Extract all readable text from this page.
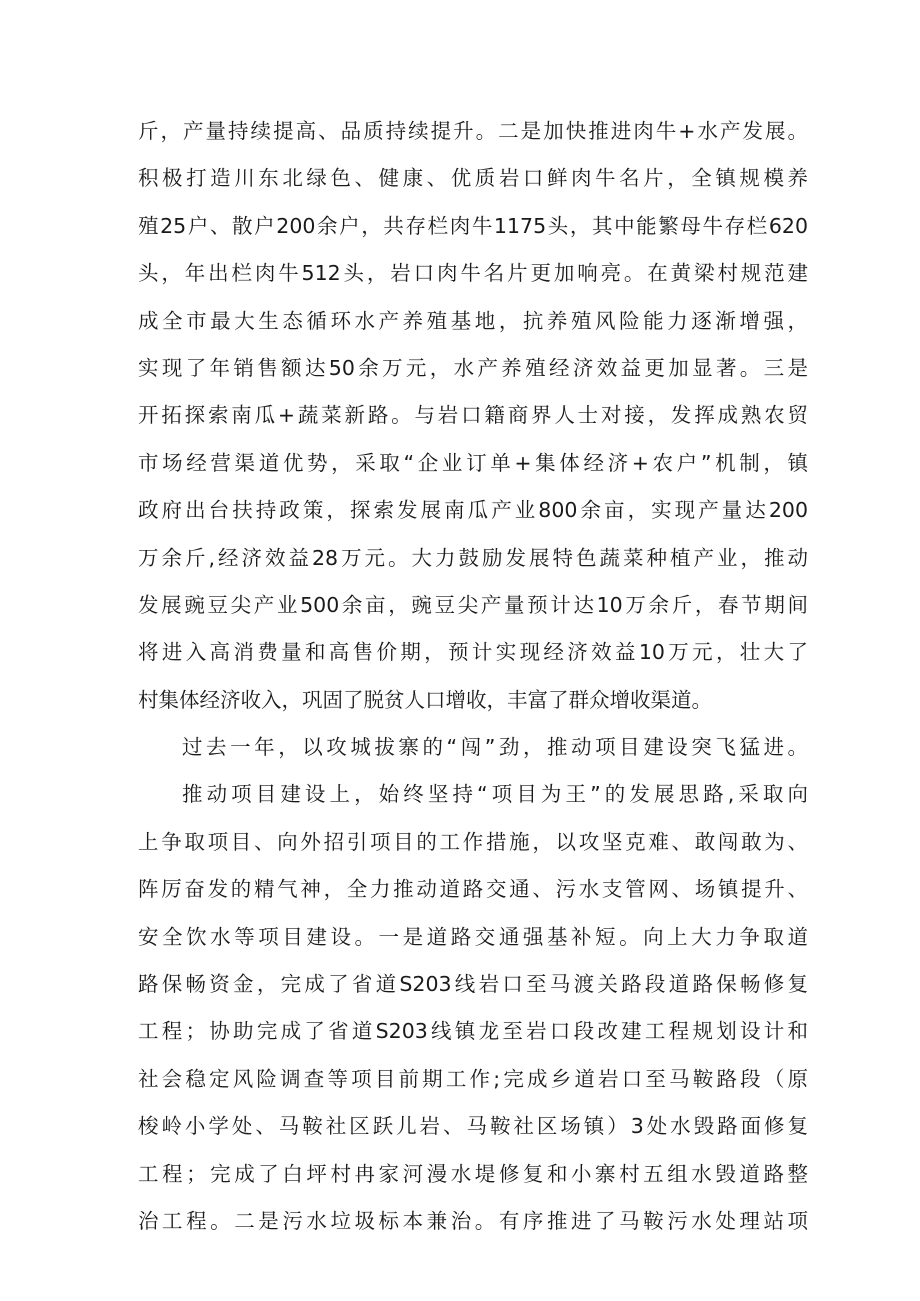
斤，产量持续提高、品质持续提升。二是加快推进肉牛+水产发展。
积极打造川东北绿色、健康、优质岩口鲜肉牛名片，全镇规模养
殖25户、散户200余户，共存栏肉牛1175头，其中能繁母牛存栏620
头，年出栏肉牛512头，岩口肉牛名片更加响亮。在黄梁村规范建
成全市最大生态循环水产养殖基地，抗养殖风险能力逐渐增强，
实现了年销售额达50余万元，水产养殖经济效益更加显著。三是
开拓探索南瓜+蔬菜新路。与岩口籍商界人士对接，发挥成熟农贸
市场经营渠道优势，采取“企业订单+集体经济+农户”机制，镇
政府出台扶持政策，探索发展南瓜产业800余亩，实现产量达200
万余斤,经济效益28万元。大力鼓励发展特色蔬菜种植产业，推动
发展豌豆尖产业500余亩，豌豆尖产量预计达10万余斤，春节期间
将进入高消费量和高售价期，预计实现经济效益10万元，壮大了
村集体经济收入，巩固了脱贫人口增收，丰富了群众增收渠道。
过去一年，以攻城拔寨的“闯”劲，推动项目建设突飞猛进。
推动项目建设上，始终坚持“项目为王”的发展思路,采取向
上争取项目、向外招引项目的工作措施，以攻坚克难、敢闯敢为、
阵厉奋发的精气神，全力推动道路交通、污水支管网、场镇提升、
安全饮水等项目建设。一是道路交通强基补短。向上大力争取道
路保畅资金，完成了省道S203线岩口至马渡关路段道路保畅修复
工程；协助完成了省道S203线镇龙至岩口段改建工程规划设计和
社会稳定风险调查等项目前期工作;完成乡道岩口至马鞍路段（原
梭岭小学处、马鞍社区跃儿岩、马鞍社区场镇）3处水毁路面修复
工程；完成了白坪村冉家河漫水堤修复和小寨村五组水毁道路整
治工程。二是污水垃圾标本兼治。有序推进了马鞍污水处理站项
